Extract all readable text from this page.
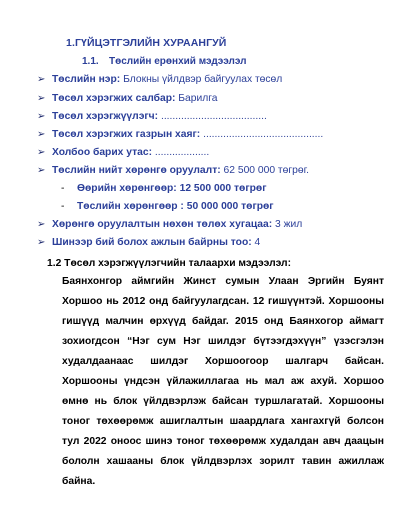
1.ГҮЙЦЭТГЭЛИЙН ХУРААНГУЙ
1.1. Төслийн ерөнхий мэдээлэл
➢ Төслийн нэр: Блокны үйлдвэр байгуулах төсөл
➢ Төсөл хэрэгжих салбар: Барилга
➢ Төсөл хэрэгжүүлэгч: .....................................
➢ Төсөл хэрэгжих газрын хаяг: ..........................................
➢ Холбоо барих утас: ...................
➢ Төслийн нийт хөрөнгө оруулалт: 62 500 000 төгрөг.
- Өөрийн хөрөнгөөр: 12 500 000 төгрөг
- Төслийн хөрөнгөөр : 50 000 000 төгрөг
➢ Хөрөнгө оруулалтын нөхөн төлөх хугацаа: 3 жил
➢ Шинээр бий болох ажлын байрны тоо: 4
1.2 Төсөл хэрэгжүүлэгчийн талаархи мэдээлэл:
Баянхонгор аймгийн Жинст сумын Улаан Эргийн Буянт Хоршоо нь 2012 онд байгуулагдсан. 12 гишүүнтэй. Хоршооны гишүүд малчин өрхүүд байдаг. 2015 онд Баянхогор аймагт зохиогдсон “Нэг сум Нэг шилдэг бүтээгдэхүүн” үзэсгэлэн худалдаанаас шилдэг Хоршоогоор шалгарч байсан. Хоршооны үндсэн үйлажиллагаа нь мал аж ахуй. Хоршоо өмнө нь блок үйлдвэрлэж байсан туршлагатай. Хоршооны тоног төхөөрөмж ашиглалтын шаардлага хангахгүй болсон тул 2022 оноос шинэ тоног төхөөрөмж худалдан авч даацын бололн хашааны блок үйлдвэрлэх зорилт тавин ажиллаж байна.
